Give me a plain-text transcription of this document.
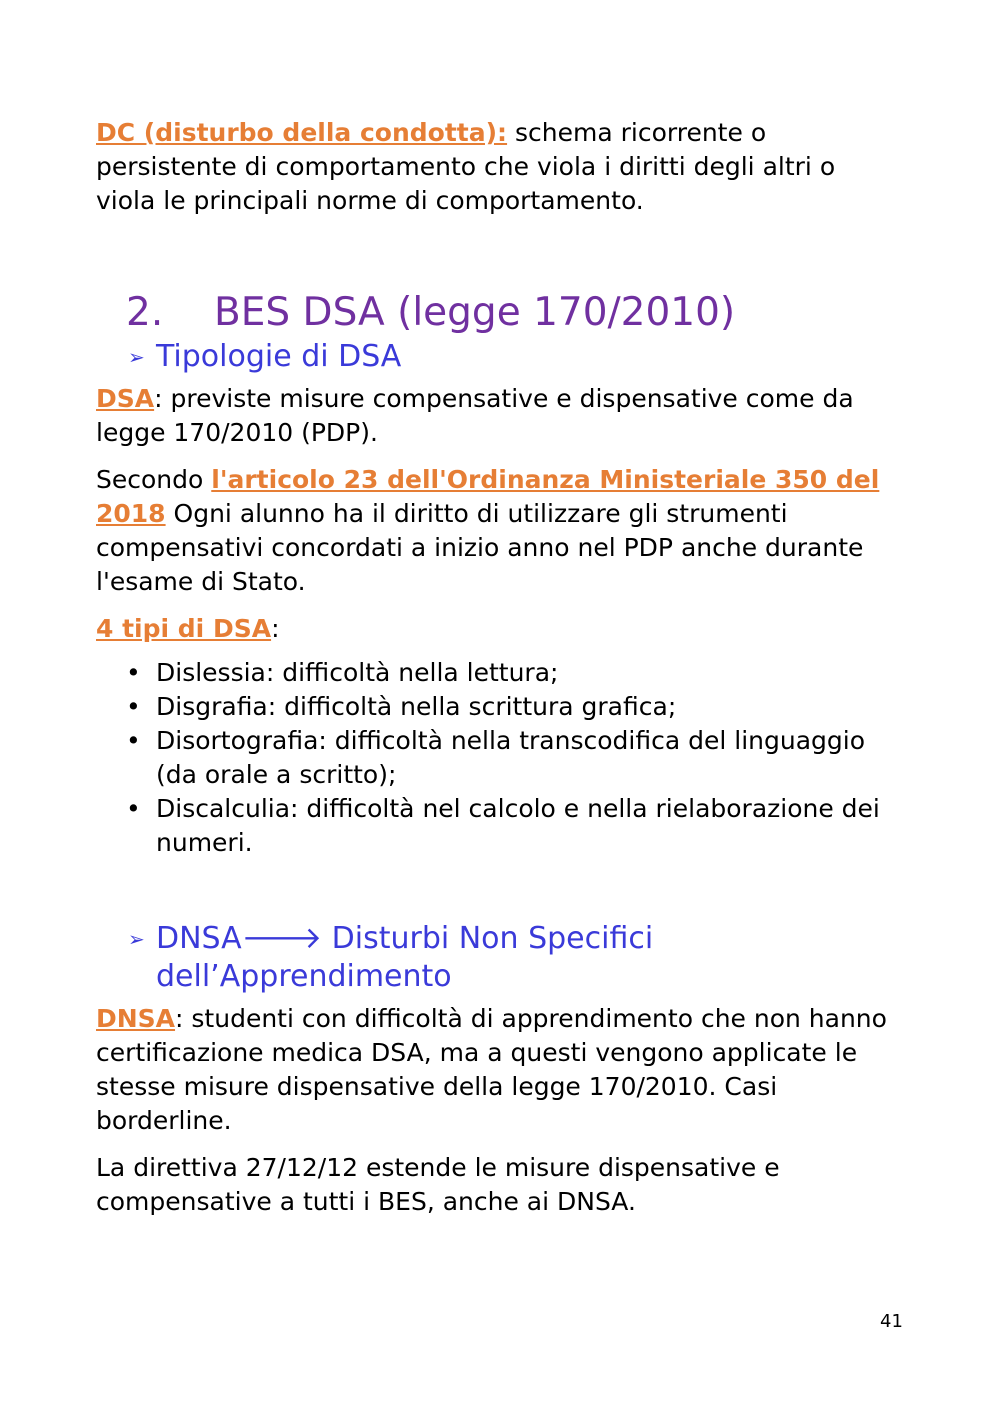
DC (disturbo della condotta): schema ricorrente o persistente di comportamento che viola i diritti degli altri o viola le principali norme di comportamento.

2.	BES DSA (legge 170/2010)
➢ Tipologie di DSA

DSA: previste misure compensative e dispensative come da legge 170/2010 (PDP).

Secondo l'articolo 23 dell'Ordinanza Ministeriale 350 del 2018 Ogni alunno ha il diritto di utilizzare gli strumenti compensativi concordati a inizio anno nel PDP anche durante l'esame di Stato.

4 tipi di DSA:

• Dislessia: difficoltà nella lettura;
• Disgrafia: difficoltà nella scrittura grafica;
• Disortografia: difficoltà nella transcodifica del linguaggio (da orale a scritto);
• Discalculia: difficoltà nel calcolo e nella rielaborazione dei numeri.
➢ DNSA🡒 Disturbi Non Specifici dell’Apprendimento

DNSA: studenti con difficoltà di apprendimento che non hanno certificazione medica DSA, ma a questi vengono applicate le stesse misure dispensative della legge 170/2010. Casi borderline.

La direttiva 27/12/12 estende le misure dispensative e compensative a tutti i BES, anche ai DNSA.

41
